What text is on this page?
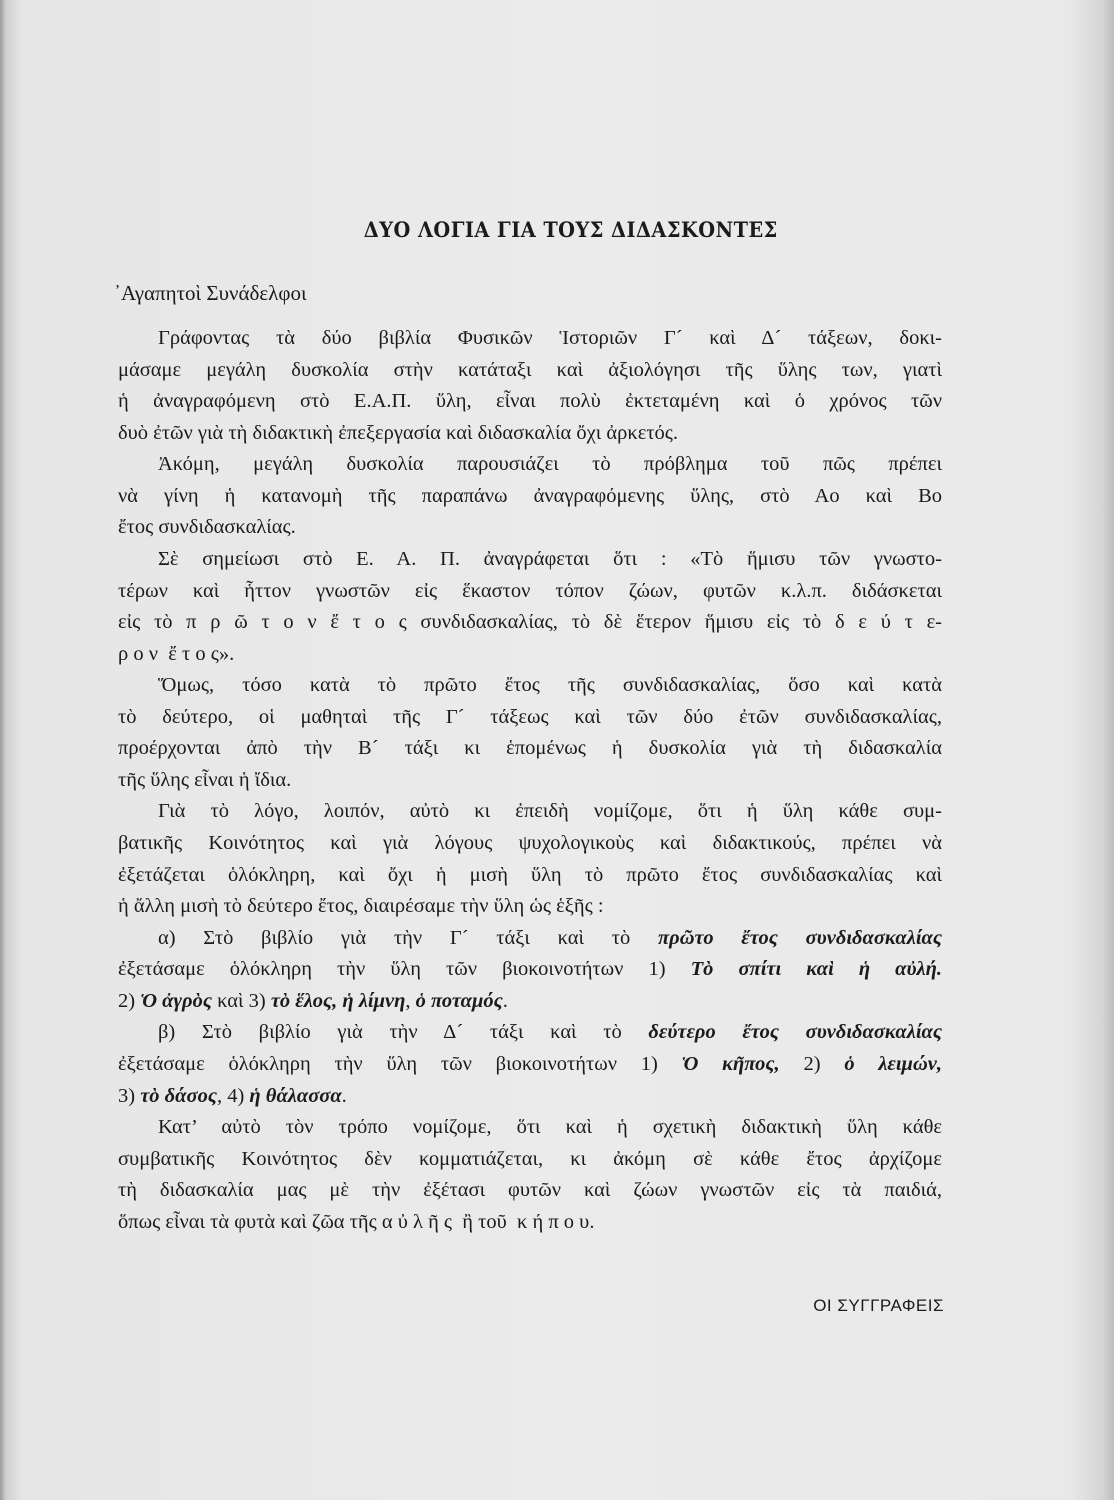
ΔΥΟ ΛΟΓΙΑ ΓΙΑ ΤΟΥΣ ΔΙΔΑΣΚΟΝΤΕΣ
᾿Αγαπητοὶ Συνάδελφοι
Γράφοντας τὰ δύο βιβλία Φυσικῶν Ἱστοριῶν Γ´ καὶ Δ´ τάξεων, δοκι-
μάσαμε μεγάλη δυσκολία στὴν κατάταξι καὶ ἀξιολόγησι τῆς ὕλης των, γιατὶ
ἡ ἀναγραφόμενη στὸ Ε.Α.Π. ὕλη, εἶναι πολὺ ἐκτεταμένη καὶ ὁ χρόνος τῶν
δυὸ ἐτῶν γιὰ τὴ διδακτικὴ ἐπεξεργασία καὶ διδασκαλία ὄχι ἀρκετός.
Ἀκόμη, μεγάλη δυσκολία παρουσιάζει τὸ πρόβλημα τοῦ πῶς πρέπει
νὰ γίνη ἡ κατανομὴ τῆς παραπάνω ἀναγραφόμενης ὕλης, στὸ Αο καὶ Βο
ἔτος συνδιδασκαλίας.
Σὲ σημείωσι στὸ Ε. Α. Π. ἀναγράφεται ὅτι : «Τὸ ἥμισυ τῶν γνωστο-
τέρων καὶ ἧττον γνωστῶν εἰς ἕκαστον τόπον ζώων, φυτῶν κ.λ.π. διδάσκεται
εἰς τὸ π ρ ῶ τ ο ν ἔ τ ο ς συνδιδασκαλίας, τὸ δὲ ἕτερον ἥμισυ εἰς τὸ δ ε ύ τ ε-
ρ ο ν  ἔ τ ο ς».
Ὅμως, τόσο κατὰ τὸ πρῶτο ἔτος τῆς συνδιδασκαλίας, ὅσο καὶ κατὰ
τὸ δεύτερο, οἱ μαθηταὶ τῆς Γ´ τάξεως καὶ τῶν δύο ἐτῶν συνδιδασκαλίας,
προέρχονται ἀπὸ τὴν Β´ τάξι κι ἑπομένως ἡ δυσκολία γιὰ τὴ διδασκαλία
τῆς ὕλης εἶναι ἡ ἴδια.
Γιὰ τὸ λόγο, λοιπόν, αὐτὸ κι ἐπειδὴ νομίζομε, ὅτι ἡ ὕλη κάθε συμ-
βατικῆς Κοινότητος καὶ γιὰ λόγους ψυχολογικοὺς καὶ διδακτικούς, πρέπει νὰ
ἐξετάζεται ὁλόκληρη, καὶ ὄχι ἡ μισὴ ὕλη τὸ πρῶτο ἔτος συνδιδασκαλίας καὶ
ἡ ἄλλη μισὴ τὸ δεύτερο ἔτος, διαιρέσαμε τὴν ὕλη ὡς ἑξῆς :
α) Στὸ βιβλίο γιὰ τὴν Γ´ τάξι καὶ τὸ πρῶτο ἔτος συνδιδασκαλίας
ἐξετάσαμε ὁλόκληρη τὴν ὕλη τῶν βιοκοινοτήτων 1) Τὸ σπίτι καὶ ἡ αὐλή.
2) Ὁ ἀγρὸς καὶ 3) τὸ ἕλος, ἡ λίμνη, ὁ ποταμός.
β) Στὸ βιβλίο γιὰ τὴν Δ´ τάξι καὶ τὸ δεύτερο ἔτος συνδιδασκαλίας
ἐξετάσαμε ὁλόκληρη τὴν ὕλη τῶν βιοκοινοτήτων 1) Ὁ κῆπος, 2) ὁ λειμών,
3) τὸ δάσος, 4) ἡ θάλασσα.
Κατ’ αὐτὸ τὸν τρόπο νομίζομε, ὅτι καὶ ἡ σχετικὴ διδακτικὴ ὕλη κάθε
συμβατικῆς Κοινότητος δὲν κομματιάζεται, κι ἀκόμη σὲ κάθε ἔτος ἀρχίζομε
τὴ διδασκαλία μας μὲ τὴν ἐξέτασι φυτῶν καὶ ζώων γνωστῶν εἰς τὰ παιδιά,
ὅπως εἶναι τὰ φυτὰ καὶ ζῶα τῆς α ὐ λ ῆ ς  ἢ τοῦ  κ ή π ο υ.
ΟΙ ΣΥΓΓΡΑΦΕΙΣ
